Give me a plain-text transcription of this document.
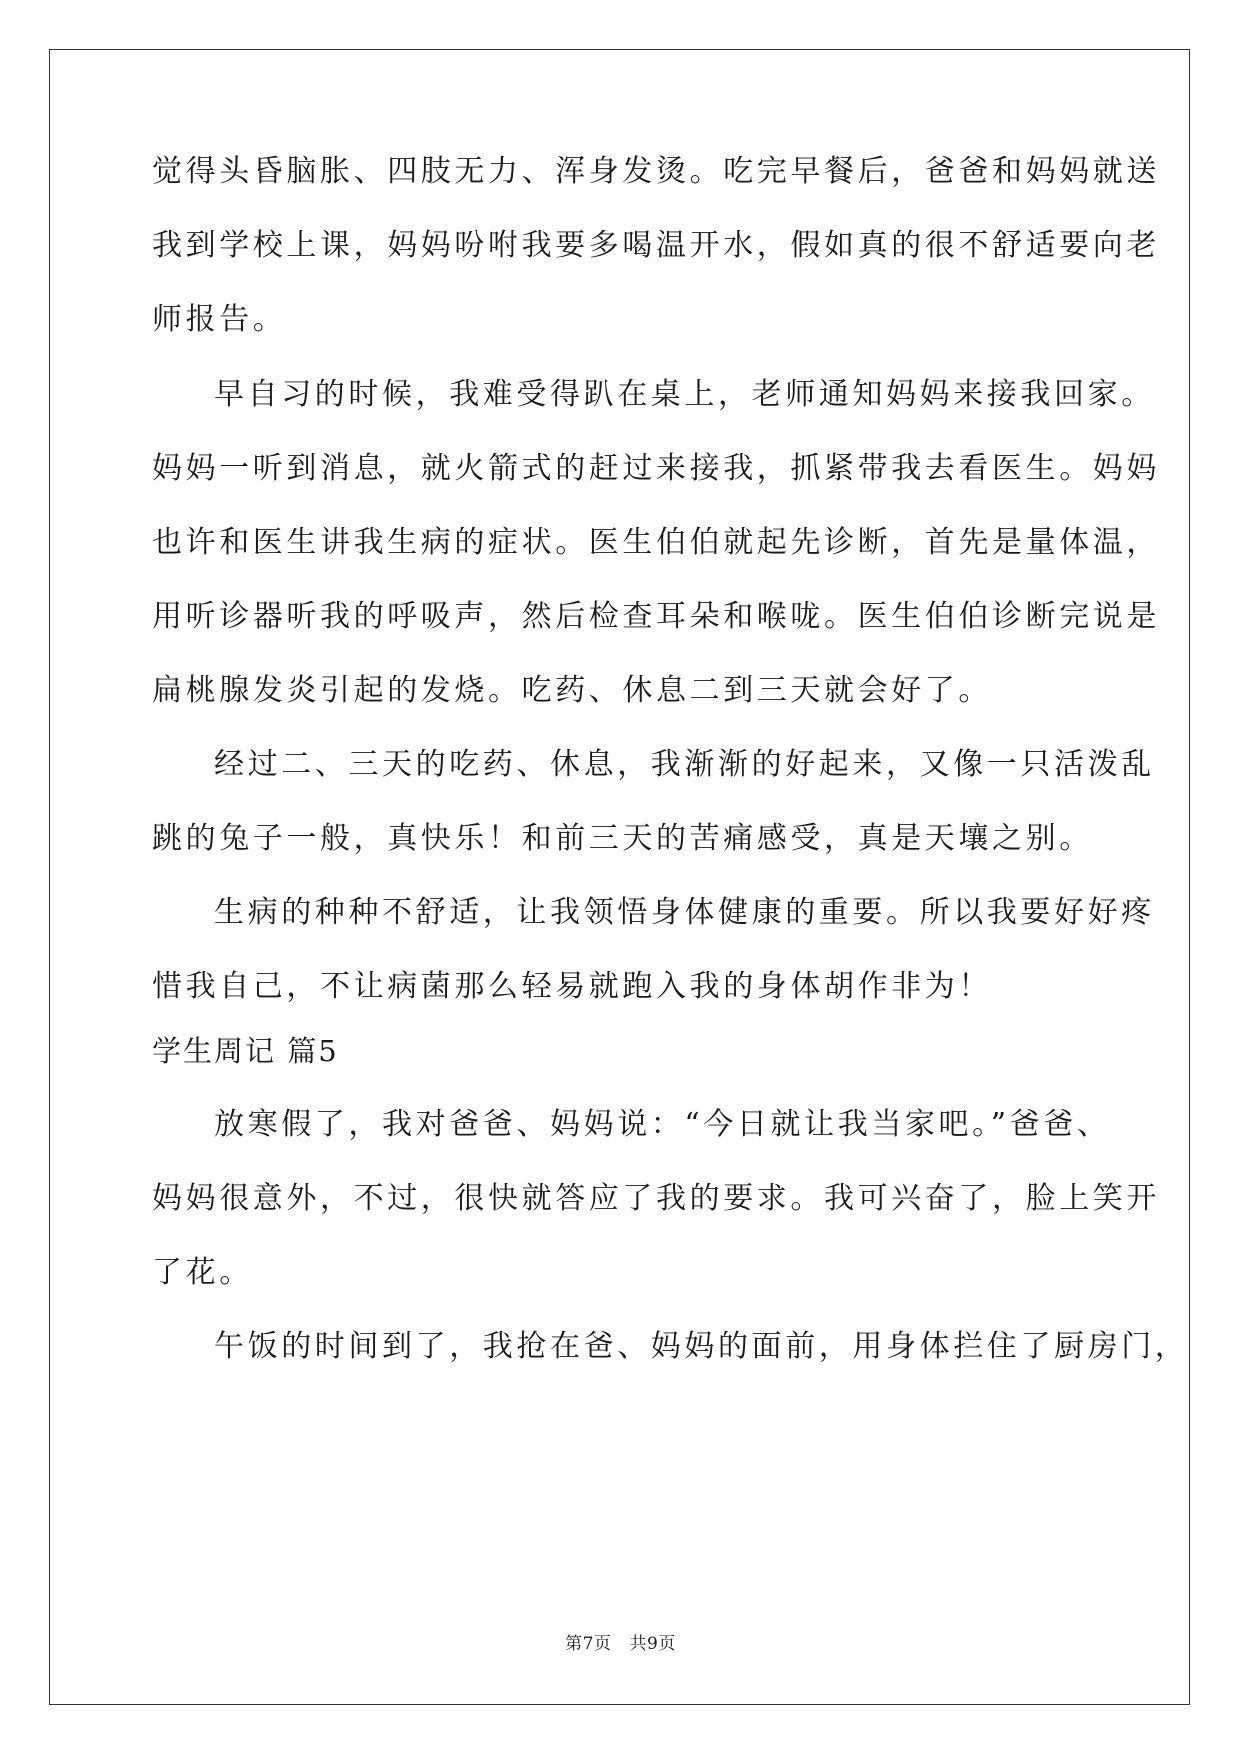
觉得头昏脑胀、四肢无力、浑身发烫。吃完早餐后，爸爸和妈妈就送
我到学校上课，妈妈吩咐我要多喝温开水，假如真的很不舒适要向老
师报告。
早自习的时候，我难受得趴在桌上，老师通知妈妈来接我回家。
妈妈一听到消息，就火箭式的赶过来接我，抓紧带我去看医生。妈妈
也许和医生讲我生病的症状。医生伯伯就起先诊断，首先是量体温，
用听诊器听我的呼吸声，然后检查耳朵和喉咙。医生伯伯诊断完说是
扁桃腺发炎引起的发烧。吃药、休息二到三天就会好了。
经过二、三天的吃药、休息，我渐渐的好起来，又像一只活泼乱
跳的兔子一般，真快乐！和前三天的苦痛感受，真是天壤之别。
生病的种种不舒适，让我领悟身体健康的重要。所以我要好好疼
惜我自己，不让病菌那么轻易就跑入我的身体胡作非为！
学生周记 篇5
放寒假了，我对爸爸、妈妈说：“今日就让我当家吧。”爸爸、
妈妈很意外，不过，很快就答应了我的要求。我可兴奋了，脸上笑开
了花。
午饭的时间到了，我抢在爸、妈妈的面前，用身体拦住了厨房门，
第7页 共9页
